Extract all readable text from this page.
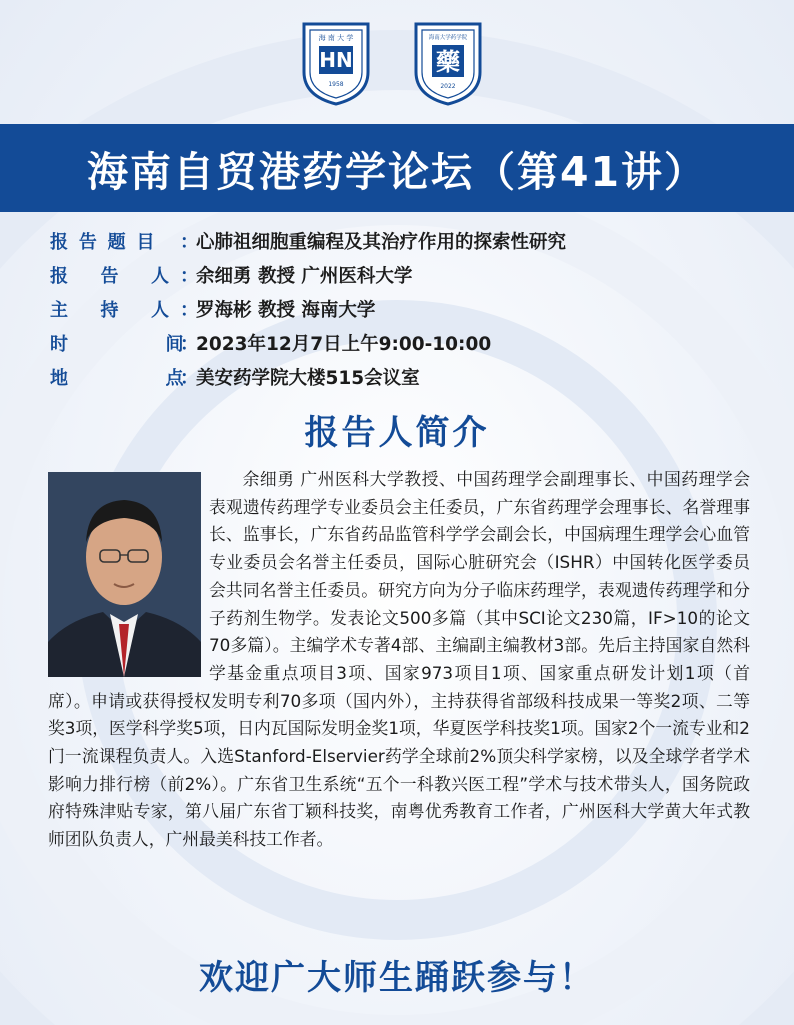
海 南 大 学
HN
1958
海南大学药学院
藥
2022
海南自贸港药学论坛（第41讲）
报 告 题 目	：
心肺祖细胞重编程及其治疗作用的探索性研究
报   告   人 ：
余细勇 教授 广州医科大学
主   持   人 ：
罗海彬 教授 海南大学
时         间
：
2023年12月7日上午9:00-10:00
地         点
：
美安药学院大楼515会议室
报告人简介

余细勇 广州医科大学教授、中国药理学会副理事长、中国药理学会表观遗传药理学专业委员会主任委员，广东省药理学会理事长、名誉理事长、监事长，广东省药品监管科学学会副会长，中国病理生理学会心血管专业委员会名誉主任委员，国际心脏研究会（ISHR）中国转化医学委员会共同名誉主任委员。研究方向为分子临床药理学，表观遗传药理学和分子药剂生物学。发表论文500多篇（其中SCI论文230篇，IF>10的论文70多篇）。主编学术专著4部、主编副主编教材3部。先后主持国家自然科学基金重点项目3项、国家973项目1项、国家重点研发计划1项（首席）。申请或获得授权发明专利70多项（国内外），主持获得省部级科技成果一等奖2项、二等奖3项，医学科学奖5项，日内瓦国际发明金奖1项，华夏医学科技奖1项。国家2个一流专业和2门一流课程负责人。入选Stanford-Elservier药学全球前2%顶尖科学家榜，以及全球学者学术影响力排行榜（前2%）。广东省卫生系统“五个一科教兴医工程”学术与技术带头人，国务院政府特殊津贴专家，第八届广东省丁颖科技奖，南粤优秀教育工作者，广州医科大学黄大年式教师团队负责人，广州最美科技工作者。

欢迎广大师生踊跃参与！
